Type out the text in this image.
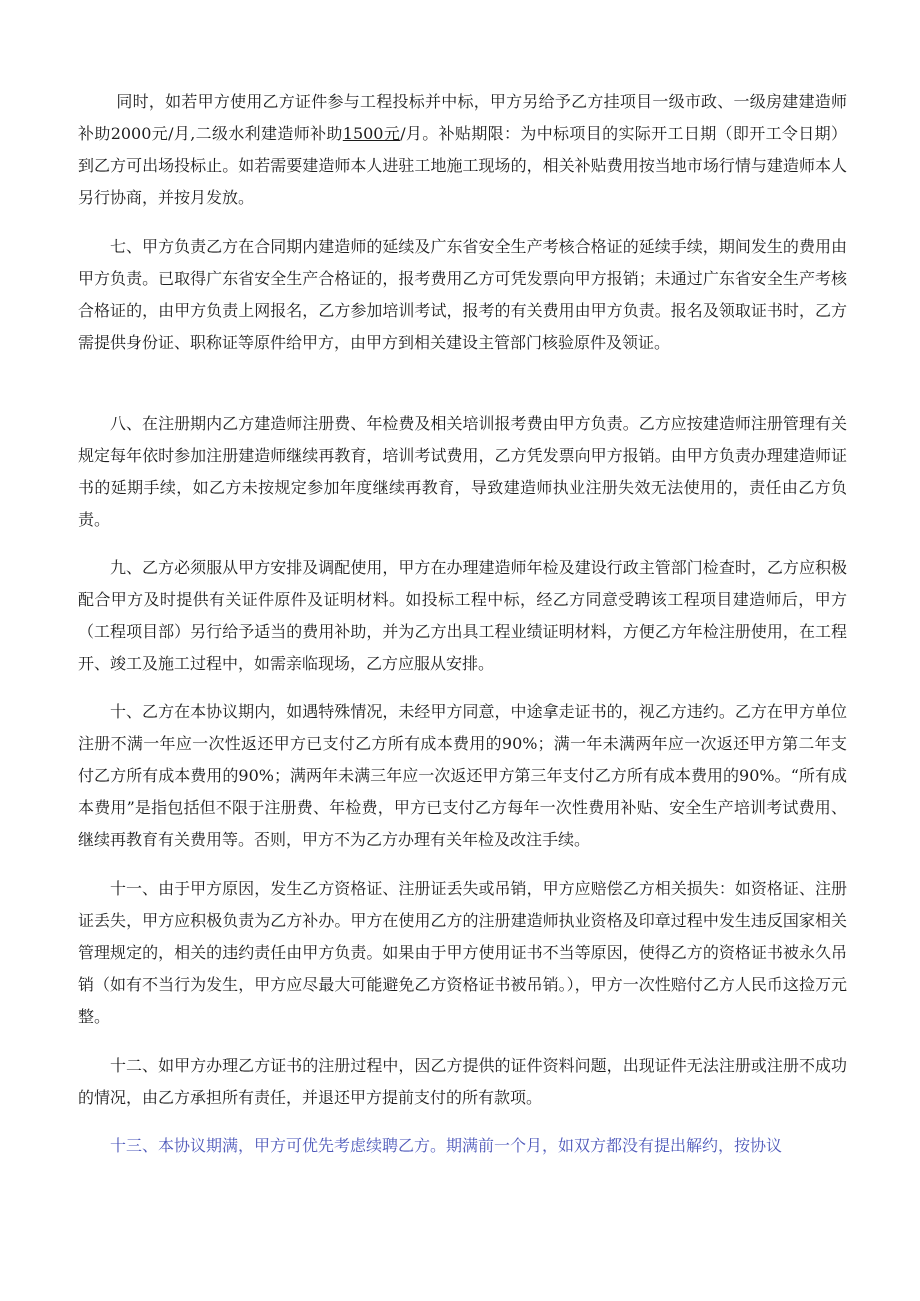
同时，如若甲方使用乙方证件参与工程投标并中标，甲方另给予乙方挂项目一级市政、一级房建建造师补助2000元/月,二级水利建造师补助1500元/月。补贴期限：为中标项目的实际开工日期（即开工令日期）到乙方可出场投标止。如若需要建造师本人进驻工地施工现场的，相关补贴费用按当地市场行情与建造师本人另行协商，并按月发放。

七、甲方负责乙方在合同期内建造师的延续及广东省安全生产考核合格证的延续手续，期间发生的费用由甲方负责。已取得广东省安全生产合格证的，报考费用乙方可凭发票向甲方报销；未通过广东省安全生产考核合格证的，由甲方负责上网报名，乙方参加培训考试，报考的有关费用由甲方负责。报名及领取证书时，乙方需提供身份证、职称证等原件给甲方，由甲方到相关建设主管部门核验原件及领证。

八、在注册期内乙方建造师注册费、年检费及相关培训报考费由甲方负责。乙方应按建造师注册管理有关规定每年依时参加注册建造师继续再教育，培训考试费用，乙方凭发票向甲方报销。由甲方负责办理建造师证书的延期手续，如乙方未按规定参加年度继续再教育，导致建造师执业注册失效无法使用的，责任由乙方负责。

九、乙方必须服从甲方安排及调配使用，甲方在办理建造师年检及建设行政主管部门检查时，乙方应积极配合甲方及时提供有关证件原件及证明材料。如投标工程中标，经乙方同意受聘该工程项目建造师后，甲方（工程项目部）另行给予适当的费用补助，并为乙方出具工程业绩证明材料，方便乙方年检注册使用，在工程开、竣工及施工过程中，如需亲临现场，乙方应服从安排。

十、乙方在本协议期内，如遇特殊情况，未经甲方同意，中途拿走证书的，视乙方违约。乙方在甲方单位注册不满一年应一次性返还甲方已支付乙方所有成本费用的90%；满一年未满两年应一次返还甲方第二年支付乙方所有成本费用的90%；满两年未满三年应一次返还甲方第三年支付乙方所有成本费用的90%。“所有成本费用”是指包括但不限于注册费、年检费，甲方已支付乙方每年一次性费用补贴、安全生产培训考试费用、继续再教育有关费用等。否则，甲方不为乙方办理有关年检及改注手续。

十一、由于甲方原因，发生乙方资格证、注册证丢失或吊销，甲方应赔偿乙方相关损失：如资格证、注册证丢失，甲方应积极负责为乙方补办。甲方在使用乙方的注册建造师执业资格及印章过程中发生违反国家相关管理规定的，相关的违约责任由甲方负责。如果由于甲方使用证书不当等原因，使得乙方的资格证书被永久吊销（如有不当行为发生，甲方应尽最大可能避免乙方资格证书被吊销。），甲方一次性赔付乙方人民币这捡万元整。

十二、如甲方办理乙方证书的注册过程中，因乙方提供的证件资料问题，出现证件无法注册或注册不成功的情况，由乙方承担所有责任，并退还甲方提前支付的所有款项。

十三、本协议期满，甲方可优先考虑续聘乙方。期满前一个月，如双方都没有提出解约，按协议
